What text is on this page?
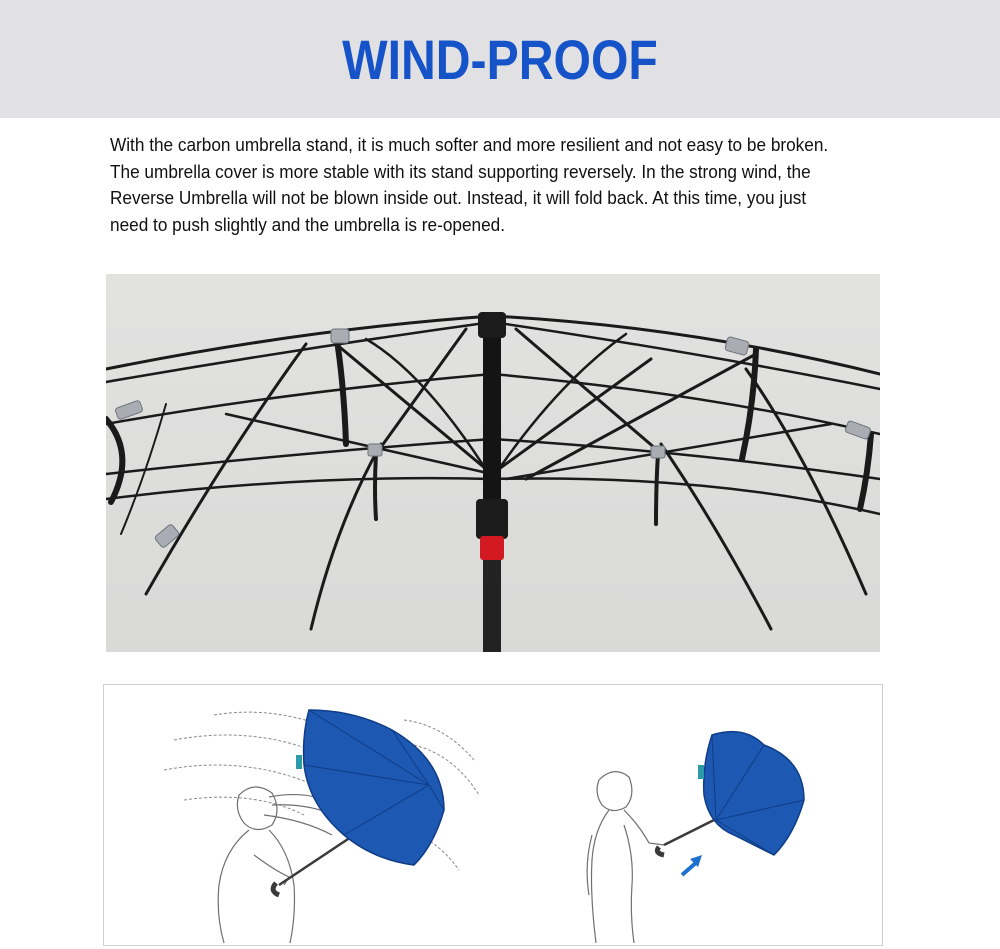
WIND-PROOF
With the carbon umbrella stand, it is much softer and more resilient and not easy to be broken.
The umbrella cover is more stable with its stand supporting reversely. In the strong wind, the
Reverse Umbrella will not be blown inside out. Instead, it will fold back. At this time, you just
need to push slightly and the umbrella is re-opened.
